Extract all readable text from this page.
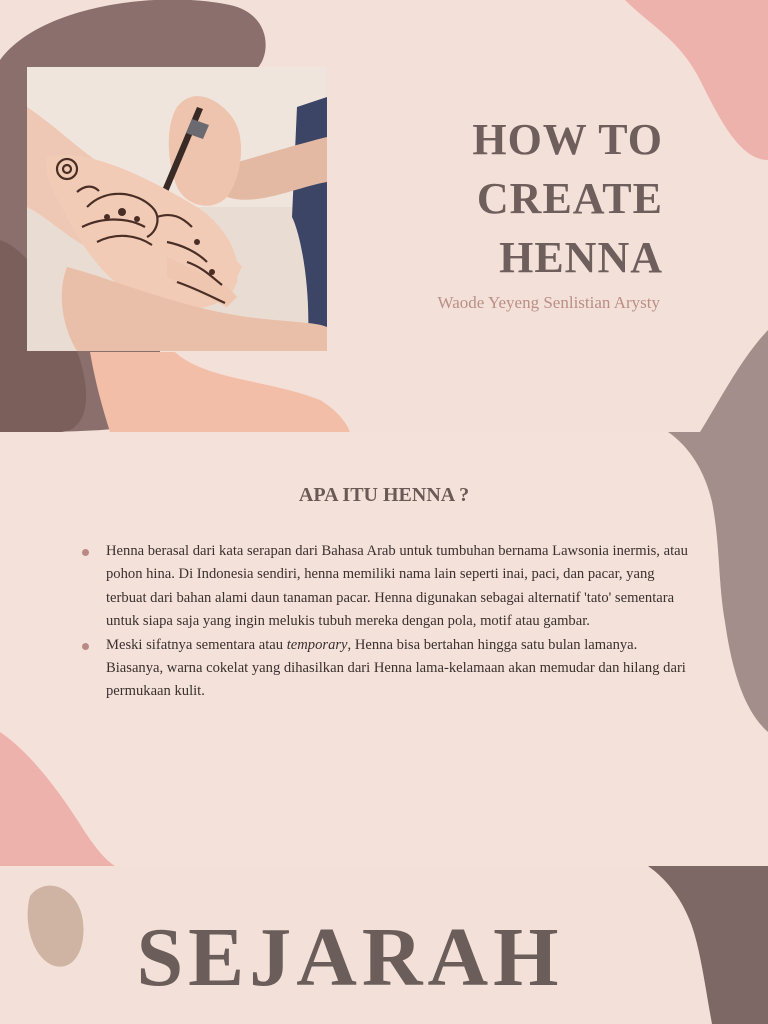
HOW TO
CREATE
HENNA

Waode Yeyeng Senlistian Arysty

APA ITU HENNA ?
Henna berasal dari kata serapan dari Bahasa Arab untuk tumbuhan bernama Lawsonia inermis, atau pohon hina. Di Indonesia sendiri, henna memiliki nama lain seperti inai, paci, dan pacar, yang terbuat dari bahan alami daun tanaman pacar. Henna digunakan sebagai alternatif 'tato' sementara untuk siapa saja yang ingin melukis tubuh mereka dengan pola, motif atau gambar.
Meski sifatnya sementara atau temporary, Henna bisa bertahan hingga satu bulan lamanya. Biasanya, warna cokelat yang dihasilkan dari Henna lama-kelamaan akan memudar dan hilang dari permukaan kulit.
SEJARAH
